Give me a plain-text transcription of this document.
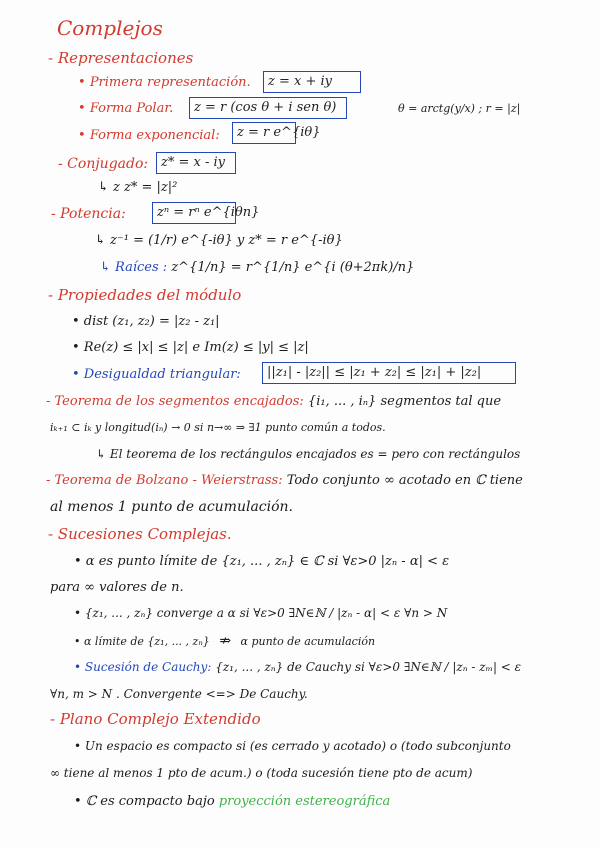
Complejos
- Representaciones
• Primera representación.	z = x + iy
• Forma Polar.	z = r (cos θ + i sen θ)	θ = arctg(y/x) ; r = |z|
• Forma exponencial:	z = r e^{iθ}
- Conjugado: z* = x - iy
↳ z z* = |z|²
- Potencia:	zⁿ = rⁿ e^{iθn}
↳ z⁻¹ = (1/r) e^{-iθ} y z* = r e^{-iθ}
↳ Raíces : z^{1/n} = r^{1/n} e^{i (θ+2πk)/n}
- Propiedades del módulo
• dist (z₁, z₂) = |z₂ - z₁|
• Re(z) ≤ |x| ≤ |z| e Im(z) ≤ |y| ≤ |z|
• Desigualdad triangular:	||z₁| - |z₂|| ≤ |z₁ + z₂| ≤ |z₁| + |z₂|
- Teorema de los segmentos encajados: {i₁, ... , iₙ} segmentos tal que
iₖ₊₁ ⊂ iₖ y longitud(iₙ) → 0 si n→∞ ⇒ ∃1 punto común a todos.
↳ El teorema de los rectángulos encajados es = pero con rectángulos
- Teorema de Bolzano - Weierstrass: Todo conjunto ∞ acotado en ℂ tiene
al menos 1 punto de acumulación.
- Sucesiones Complejas.
• α es punto límite de {z₁, ... , zₙ} ∈ ℂ si ∀ε>0 |zₙ - α| < ε
para ∞ valores de n.
• {z₁, ... , zₙ} converge a α si ∀ε>0 ∃N∈ℕ / |zₙ - α| < ε ∀n > N
• α límite de {z₁, ... , zₙ} ⇏ α punto de acumulación
• Sucesión de Cauchy: {z₁, ... , zₙ} de Cauchy si ∀ε>0 ∃N∈ℕ / |zₙ - zₘ| < ε
∀n, m > N . Convergente <=> De Cauchy.
- Plano Complejo Extendido
• Un espacio es compacto si (es cerrado y acotado) o (todo subconjunto
∞ tiene al menos 1 pto de acum.) o (toda sucesión tiene pto de acum)
• ℂ es compacto bajo proyección estereográfica
